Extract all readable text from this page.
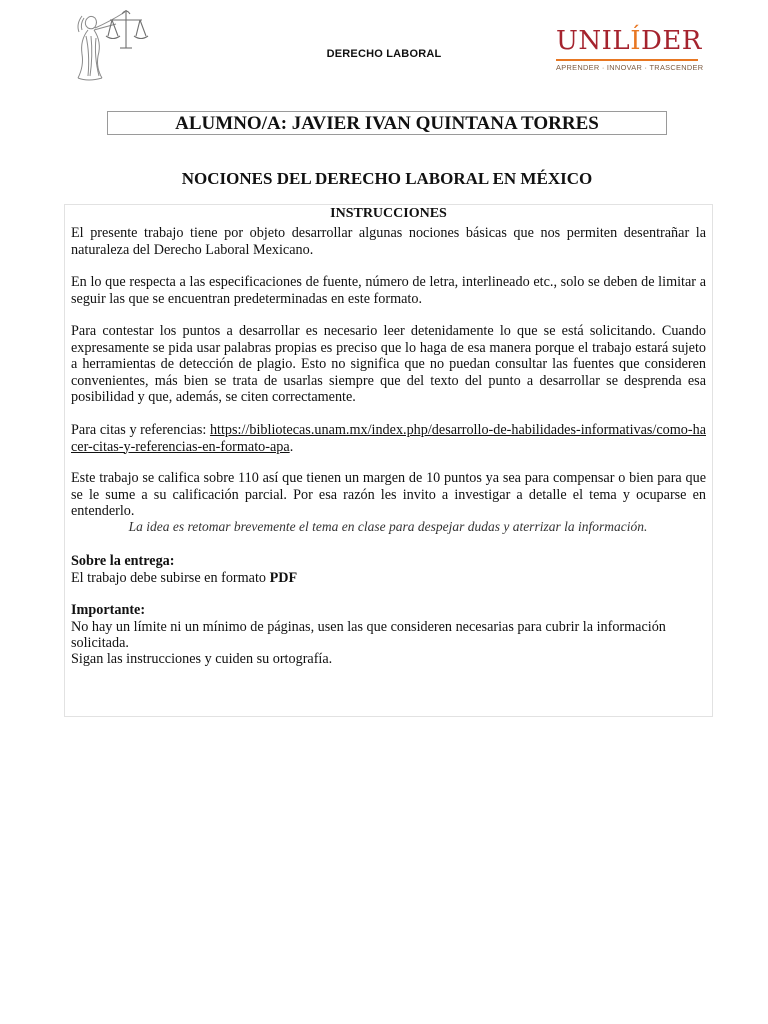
DERECHO LABORAL	UNILÍDER
APRENDER · INNOVAR · TRASCENDER
ALUMNO/A: JAVIER IVAN QUINTANA TORRES
NOCIONES DEL DERECHO LABORAL EN MÉXICO
INSTRUCCIONES
El presente trabajo tiene por objeto desarrollar algunas nociones básicas que nos permiten desentrañar la naturaleza del Derecho Laboral Mexicano.
En lo que respecta a las especificaciones de fuente, número de letra, interlineado etc., solo se deben de limitar a seguir las que se encuentran predeterminadas en este formato.
Para contestar los puntos a desarrollar es necesario leer detenidamente lo que se está solicitando. Cuando expresamente se pida usar palabras propias es preciso que lo haga de esa manera porque el trabajo estará sujeto a herramientas de detección de plagio. Esto no significa que no puedan consultar las fuentes que consideren convenientes, más bien se trata de usarlas siempre que del texto del punto a desarrollar se desprenda esa posibilidad y que, además, se citen correctamente.
Para citas y referencias: https://bibliotecas.unam.mx/index.php/desarrollo-de-habilidades-informativas/como-hacer-citas-y-referencias-en-formato-apa.
Este trabajo se califica sobre 110 así que tienen un margen de 10 puntos ya sea para compensar o bien para que se le sume a su calificación parcial. Por esa razón les invito a investigar a detalle el tema y ocuparse en entenderlo.
La idea es retomar brevemente el tema en clase para despejar dudas y aterrizar la información.
Sobre la entrega:
El trabajo debe subirse en formato PDF
Importante:
No hay un límite ni un mínimo de páginas, usen las que consideren necesarias para cubrir la información solicitada.
Sigan las instrucciones y cuiden su ortografía.
